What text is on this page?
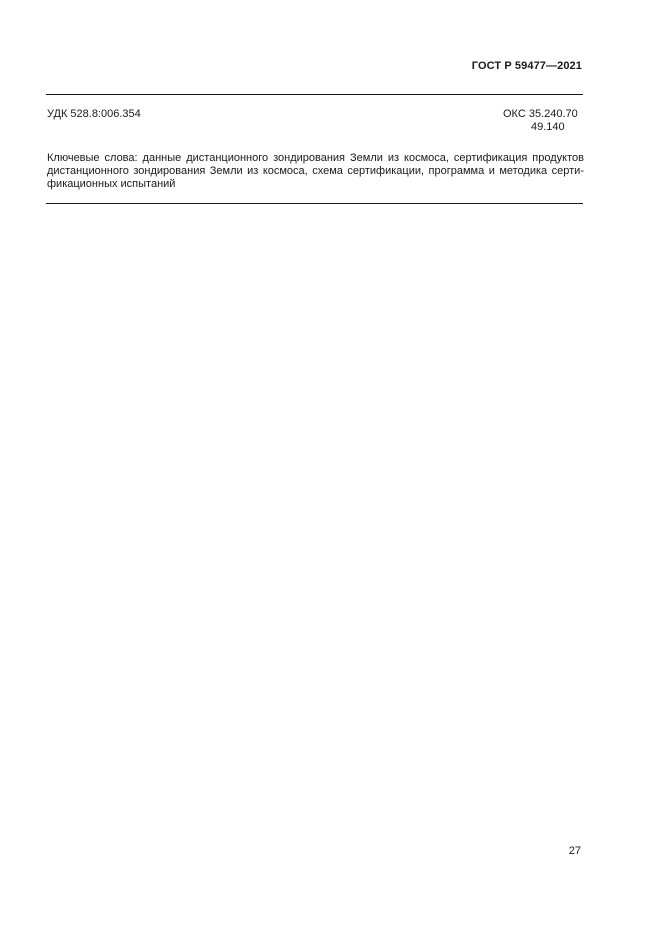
ГОСТ Р 59477—2021
УДК 528.8:006.354	ОКС 35.240.70
49.140
Ключевые слова: данные дистанционного зондирования Земли из космоса, сертификация продуктов
дистанционного зондирования Земли из космоса, схема сертификации, программа и методика серти-
фикационных испытаний
27
